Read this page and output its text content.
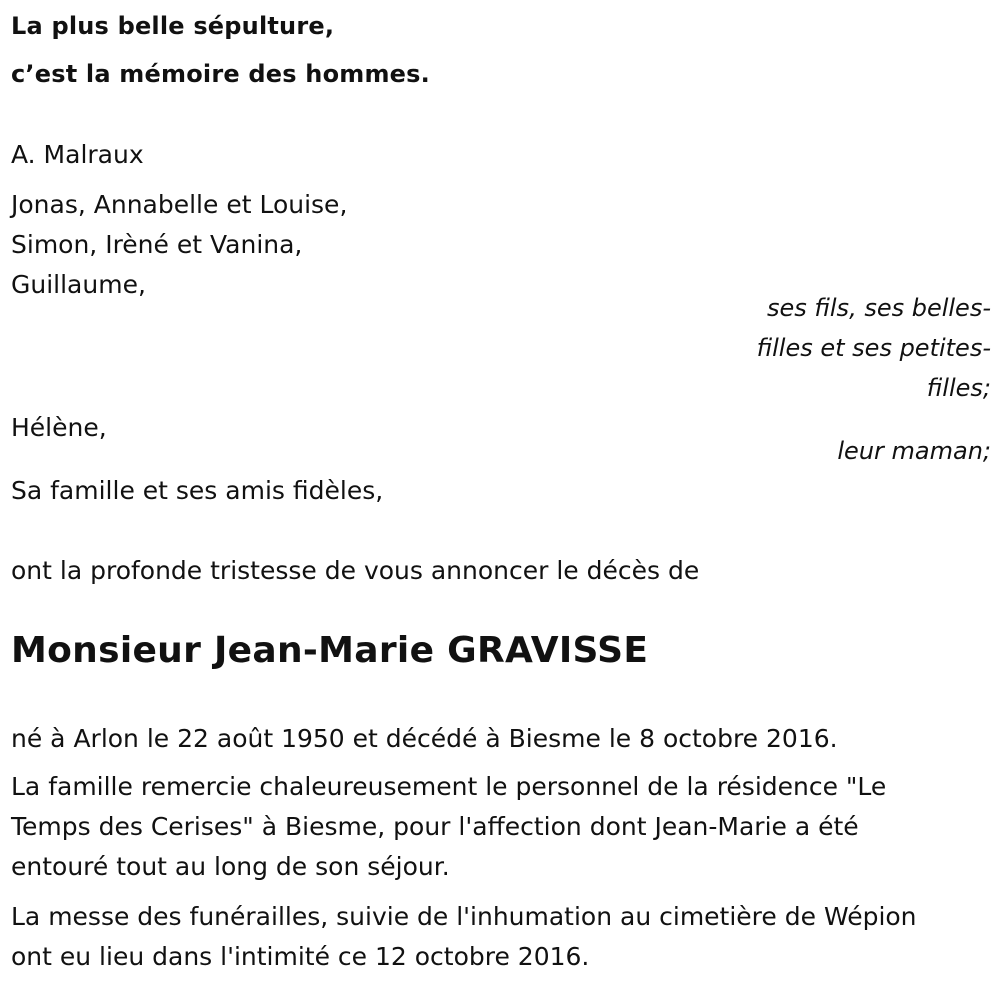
La plus belle sépulture,
c’est la mémoire des hommes.
A. Malraux
Jonas, Annabelle et Louise,
Simon, Irèné et Vanina,
Guillaume,
ses fils, ses belles-
filles et ses petites-
filles;
Hélène,
leur maman;
Sa famille et ses amis fidèles,
ont la profonde tristesse de vous annoncer le décès de
Monsieur Jean-Marie GRAVISSE
né à Arlon le 22 août 1950 et décédé à Biesme le 8 octobre 2016.
La famille remercie chaleureusement le personnel de la résidence "Le
Temps des Cerises" à Biesme, pour l'affection dont Jean-Marie a été
entouré tout au long de son séjour.
La messe des funérailles, suivie de l'inhumation au cimetière de Wépion
ont eu lieu dans l'intimité ce 12 octobre 2016.
